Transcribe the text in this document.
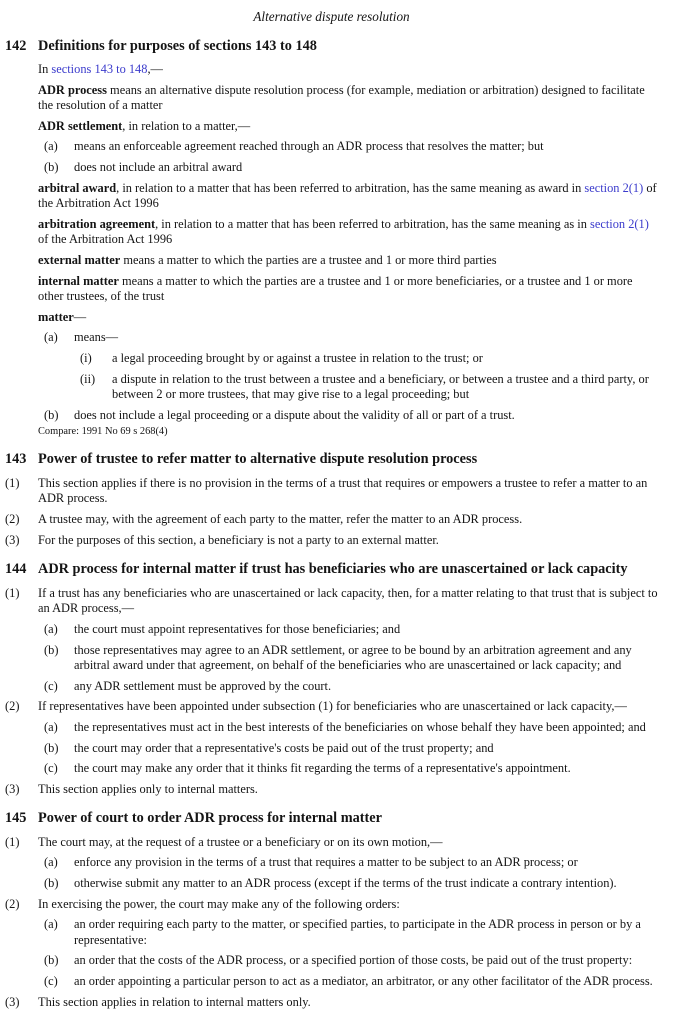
Alternative dispute resolution
142 Definitions for purposes of sections 143 to 148
In sections 143 to 148,—
ADR process means an alternative dispute resolution process (for example, mediation or arbitration) designed to facilitate the resolution of a matter
ADR settlement, in relation to a matter,—
(a)	means an enforceable agreement reached through an ADR process that resolves the matter; but
(b)	does not include an arbitral award
arbitral award, in relation to a matter that has been referred to arbitration, has the same meaning as award in section 2(1) of the Arbitration Act 1996
arbitration agreement, in relation to a matter that has been referred to arbitration, has the same meaning as in section 2(1) of the Arbitration Act 1996
external matter means a matter to which the parties are a trustee and 1 or more third parties
internal matter means a matter to which the parties are a trustee and 1 or more beneficiaries, or a trustee and 1 or more other trustees, of the trust
matter—
(a)	means—
(i)	a legal proceeding brought by or against a trustee in relation to the trust; or
(ii)	a dispute in relation to the trust between a trustee and a beneficiary, or between a trustee and a third party, or between 2 or more trustees, that may give rise to a legal proceeding; but
(b)	does not include a legal proceeding or a dispute about the validity of all or part of a trust.
Compare: 1991 No 69 s 268(4)
143 Power of trustee to refer matter to alternative dispute resolution process
(1)	This section applies if there is no provision in the terms of a trust that requires or empowers a trustee to refer a matter to an ADR process.
(2)	A trustee may, with the agreement of each party to the matter, refer the matter to an ADR process.
(3)	For the purposes of this section, a beneficiary is not a party to an external matter.
144 ADR process for internal matter if trust has beneficiaries who are unascertained or lack capacity
(1)	If a trust has any beneficiaries who are unascertained or lack capacity, then, for a matter relating to that trust that is subject to an ADR process,—
(a)	the court must appoint representatives for those beneficiaries; and
(b)	those representatives may agree to an ADR settlement, or agree to be bound by an arbitration agreement and any arbitral award under that agreement, on behalf of the beneficiaries who are unascertained or lack capacity; and
(c)	any ADR settlement must be approved by the court.
(2)	If representatives have been appointed under subsection (1) for beneficiaries who are unascertained or lack capacity,—
(a)	the representatives must act in the best interests of the beneficiaries on whose behalf they have been appointed; and
(b)	the court may order that a representative's costs be paid out of the trust property; and
(c)	the court may make any order that it thinks fit regarding the terms of a representative's appointment.
(3)	This section applies only to internal matters.
145 Power of court to order ADR process for internal matter
(1)	The court may, at the request of a trustee or a beneficiary or on its own motion,—
(a)	enforce any provision in the terms of a trust that requires a matter to be subject to an ADR process; or
(b)	otherwise submit any matter to an ADR process (except if the terms of the trust indicate a contrary intention).
(2)	In exercising the power, the court may make any of the following orders:
(a)	an order requiring each party to the matter, or specified parties, to participate in the ADR process in person or by a representative:
(b)	an order that the costs of the ADR process, or a specified portion of those costs, be paid out of the trust property:
(c)	an order appointing a particular person to act as a mediator, an arbitrator, or any other facilitator of the ADR process.
(3)	This section applies in relation to internal matters only.
